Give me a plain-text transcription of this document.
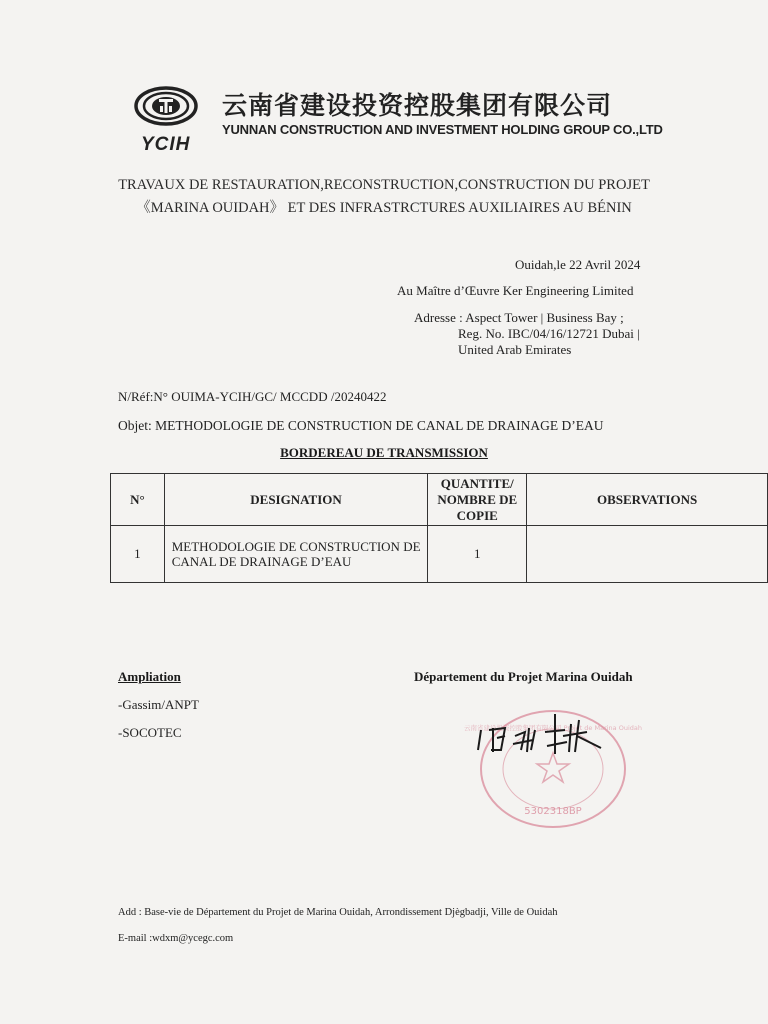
YCIH
云南省建设投资控股集团有限公司
YUNNAN CONSTRUCTION AND INVESTMENT HOLDING GROUP CO.,LTD
TRAVAUX DE RESTAURATION,RECONSTRUCTION,CONSTRUCTION DU PROJET
《MARINA OUIDAH》 ET DES INFRASTRCTURES AUXILIAIRES AU BÉNIN
Ouidah,le 22 Avril 2024
Au Maître d’Œuvre Ker Engineering Limited
Adresse : Aspect Tower | Business Bay ;
Reg. No. IBC/04/16/12721 Dubai |
United Arab Emirates
N/Réf:N° OUIMA-YCIH/GC/ MCCDD /20240422
Objet: METHODOLOGIE DE CONSTRUCTION DE CANAL DE DRAINAGE D’EAU
BORDEREAU DE TRANSMISSION
N°	DESIGNATION	QUANTITE/ NOMBRE DE COPIE	OBSERVATIONS
1	METHODOLOGIE DE CONSTRUCTION DE CANAL DE DRAINAGE D’EAU	1	
Ampliation
-Gassim/ANPT
-SOCOTEC
Département du Projet Marina Ouidah
5302318BP
云南省建设投资控股集团有限公司 Projet de Marina Ouidah
Add : Base-vie de Département du Projet de Marina Ouidah, Arrondissement Djègbadji, Ville de Ouidah
E-mail :wdxm@ycegc.com
